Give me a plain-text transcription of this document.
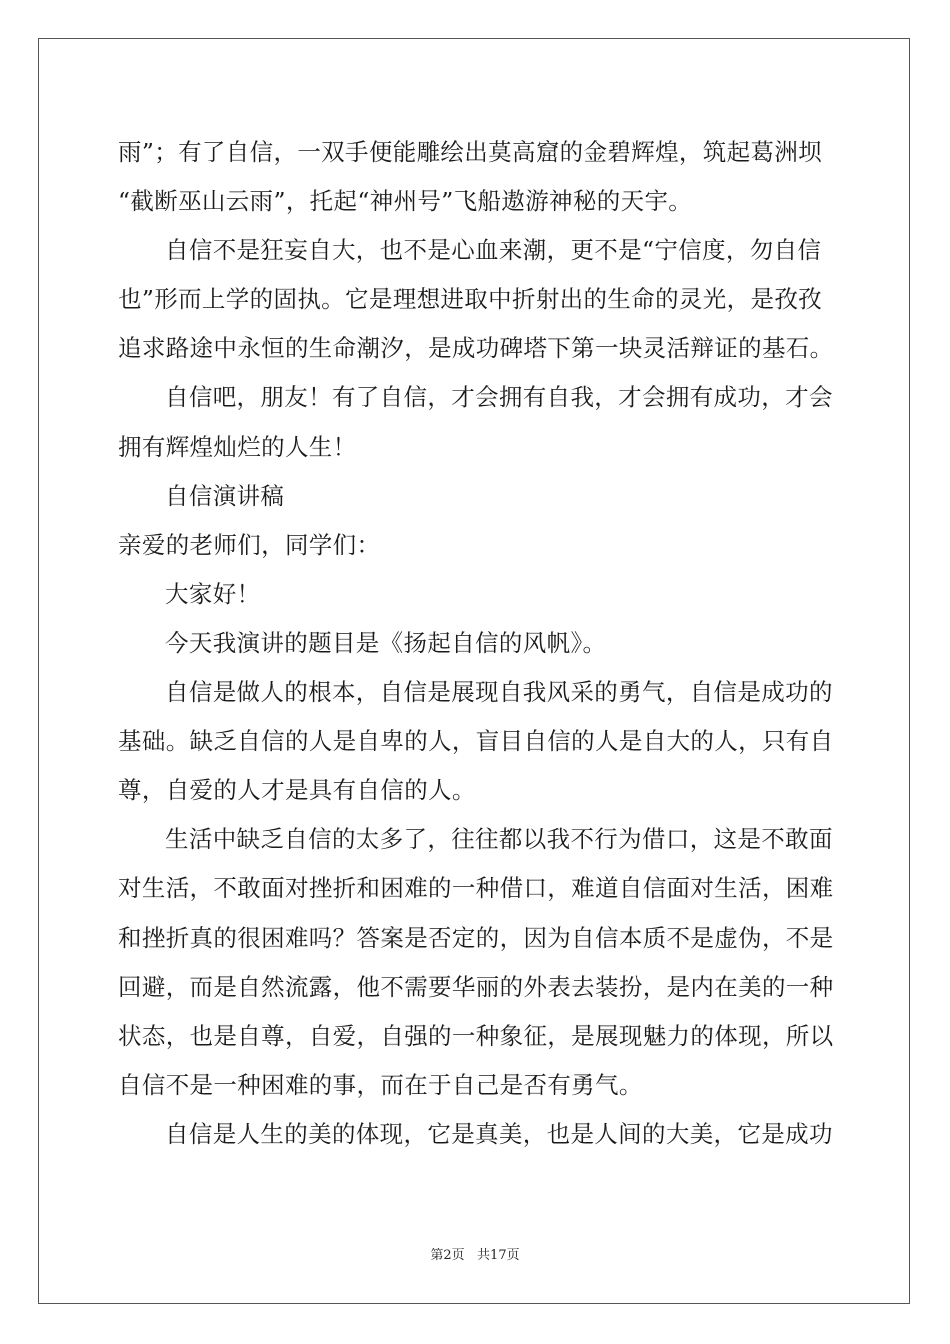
雨”；有了自信，一双手便能雕绘出莫高窟的金碧辉煌，筑起葛洲坝
“截断巫山云雨”，托起“神州号”飞船遨游神秘的天宇。
自信不是狂妄自大，也不是心血来潮，更不是“宁信度，勿自信
也”形而上学的固执。它是理想进取中折射出的生命的灵光，是孜孜
追求路途中永恒的生命潮汐，是成功碑塔下第一块灵活辩证的基石。
自信吧，朋友！有了自信，才会拥有自我，才会拥有成功，才会
拥有辉煌灿烂的人生！
自信演讲稿
亲爱的老师们，同学们：
大家好！
今天我演讲的题目是《扬起自信的风帆》。
自信是做人的根本，自信是展现自我风采的勇气，自信是成功的
基础。缺乏自信的人是自卑的人，盲目自信的人是自大的人，只有自
尊，自爱的人才是具有自信的人。
生活中缺乏自信的太多了，往往都以我不行为借口，这是不敢面
对生活，不敢面对挫折和困难的一种借口，难道自信面对生活，困难
和挫折真的很困难吗？答案是否定的，因为自信本质不是虚伪，不是
回避，而是自然流露，他不需要华丽的外表去装扮，是内在美的一种
状态，也是自尊，自爱，自强的一种象征，是展现魅力的体现，所以
自信不是一种困难的事，而在于自己是否有勇气。
自信是人生的美的体现，它是真美，也是人间的大美，它是成功
第2页   共17页
